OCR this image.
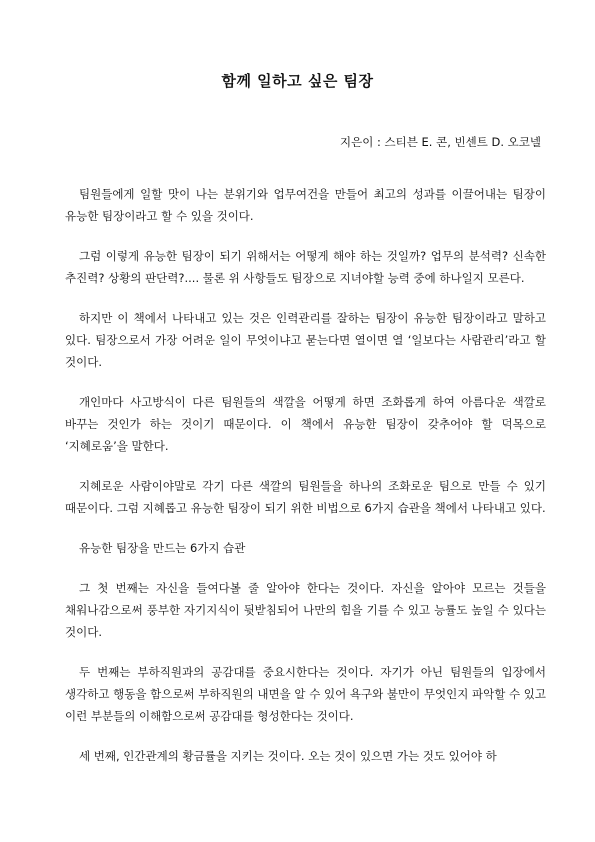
함께 일하고 싶은 팀장
지은이 : 스티븐 E. 콘, 빈센트 D. 오코넬

팀원들에게 일할 맛이 나는 분위기와 업무여건을 만들어 최고의 성과를 이끌어내는 팀장이 유능한 팀장이라고 할 수 있을 것이다.

그럼 이렇게 유능한 팀장이 되기 위해서는 어떻게 해야 하는 것일까? 업무의 분석력? 신속한 추진력? 상황의 판단력?.... 물론 위 사항들도 팀장으로 지녀야할 능력 중에 하나일지 모른다.

하지만 이 책에서 나타내고 있는 것은 인력관리를 잘하는 팀장이 유능한 팀장이라고 말하고 있다. 팀장으로서 가장 어려운 일이 무엇이냐고 묻는다면 열이면 열 ‘일보다는 사람관리’라고 할 것이다.

개인마다 사고방식이 다른 팀원들의 색깔을 어떻게 하면 조화롭게 하여 아름다운 색깔로 바꾸는 것인가 하는 것이기 때문이다. 이 책에서 유능한 팀장이 갖추어야 할 덕목으로 ‘지혜로움’을 말한다.

지혜로운 사람이야말로 각기 다른 색깔의 팀원들을 하나의 조화로운 팀으로 만들 수 있기 때문이다. 그럼 지혜롭고 유능한 팀장이 되기 위한 비법으로 6가지 습관을 책에서 나타내고 있다.

유능한 팀장을 만드는 6가지 습관

그 첫 번째는 자신을 들여다볼 줄 알아야 한다는 것이다. 자신을 알아야 모르는 것들을 채워나감으로써 풍부한 자기지식이 뒷받침되어 나만의 힘을 기를 수 있고 능률도 높일 수 있다는 것이다.

두 번째는 부하직원과의 공감대를 중요시한다는 것이다. 자기가 아닌 팀원들의 입장에서 생각하고 행동을 함으로써 부하직원의 내면을 알 수 있어 욕구와 불만이 무엇인지 파악할 수 있고 이런 부분들의 이해함으로써 공감대를 형성한다는 것이다.

세 번째, 인간관계의 황금률을 지키는 것이다. 오는 것이 있으면 가는 것도 있어야 하
